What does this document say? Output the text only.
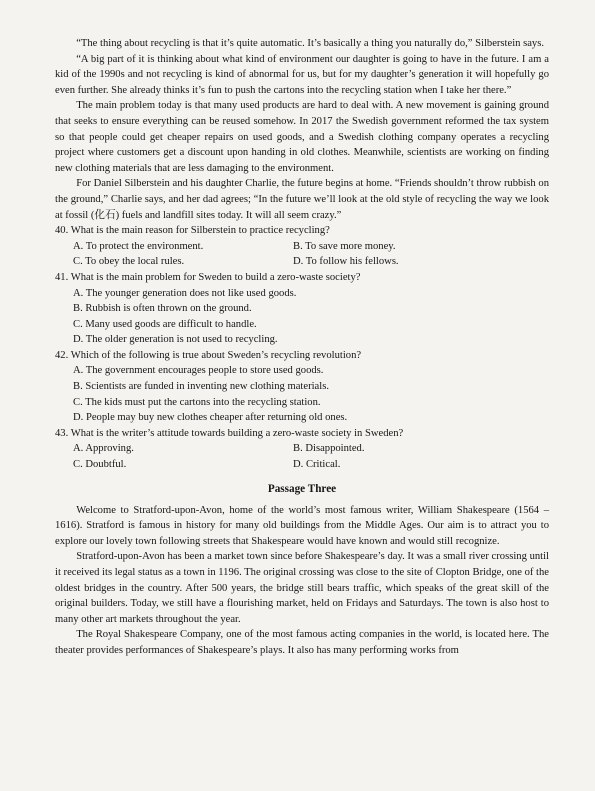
“The thing about recycling is that it’s quite automatic. It’s basically a thing you naturally do,” Silberstein says.

“A big part of it is thinking about what kind of environment our daughter is going to have in the future. I am a kid of the 1990s and not recycling is kind of abnormal for us, but for my daughter’s generation it will hopefully go even further. She already thinks it’s fun to push the cartons into the recycling station when I take her there.”

The main problem today is that many used products are hard to deal with. A new movement is gaining ground that seeks to ensure everything can be reused somehow. In 2017 the Swedish government reformed the tax system so that people could get cheaper repairs on used goods, and a Swedish clothing company operates a recycling project where customers get a discount upon handing in old clothes. Meanwhile, scientists are working on finding new clothing materials that are less damaging to the environment.

For Daniel Silberstein and his daughter Charlie, the future begins at home. “Friends shouldn’t throw rubbish on the ground,” Charlie says, and her dad agrees; “In the future we’ll look at the old style of recycling the way we look at fossil (化石) fuels and landfill sites today. It will all seem crazy.”

40. What is the main reason for Silberstein to practice recycling?
A. To protect the environment.	B. To save more money.
C. To obey the local rules.	D. To follow his fellows.
41. What is the main problem for Sweden to build a zero-waste society?
A. The younger generation does not like used goods.
B. Rubbish is often thrown on the ground.
C. Many used goods are difficult to handle.
D. The older generation is not used to recycling.
42. Which of the following is true about Sweden’s recycling revolution?
A. The government encourages people to store used goods.
B. Scientists are funded in inventing new clothing materials.
C. The kids must put the cartons into the recycling station.
D. People may buy new clothes cheaper after returning old ones.
43. What is the writer’s attitude towards building a zero-waste society in Sweden?
A. Approving.	B. Disappointed.
C. Doubtful.	D. Critical.
Passage Three

Welcome to Stratford-upon-Avon, home of the world’s most famous writer, William Shakespeare (1564 – 1616). Stratford is famous in history for many old buildings from the Middle Ages. Our aim is to attract you to explore our lovely town following streets that Shakespeare would have known and would still recognize.

Stratford-upon-Avon has been a market town since before Shakespeare’s day. It was a small river crossing until it received its legal status as a town in 1196. The original crossing was close to the site of Clopton Bridge, one of the oldest bridges in the country. After 500 years, the bridge still bears traffic, which speaks of the great skill of the original builders. Today, we still have a flourishing market, held on Fridays and Saturdays. The town is also host to many other art markets throughout the year.

The Royal Shakespeare Company, one of the most famous acting companies in the world, is located here. The theater provides performances of Shakespeare’s plays. It also has many performing works from
